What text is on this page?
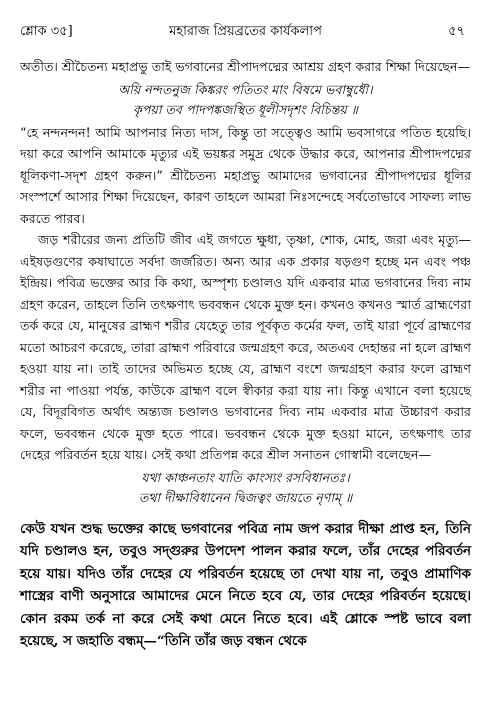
শ্লোক ৩৫]	মহারাজ প্রিয়ব্রতের কার্যকলাপ	৫৭

অতীত। শ্রীচৈতন্য মহাপ্রভু তাই ভগবানের শ্রীপাদপদ্মের আশ্রয় গ্রহণ করার শিক্ষা দিয়েছেন—

অয়ি নন্দতনুজ কিঙ্করং পতিতং মাং বিষমে ভবাম্বুধৌ।
কৃপয়া তব পাদপঙ্কজস্থিত ধূলীসদৃশং বিচিন্তয় ॥

“হে নন্দনন্দন! আমি আপনার নিত্য দাস, কিন্তু তা সত্ত্বেও আমি ভবসাগরে পতিত হয়েছি। দয়া করে আপনি আমাকে মৃত্যুর এই ভয়ঙ্কর সমুদ্র থেকে উদ্ধার করে, আপনার শ্রীপাদপদ্মের ধূলিকণা-সদৃশ গ্রহণ করুন।” শ্রীচৈতন্য মহাপ্রভু আমাদের ভগবানের শ্রীপাদপদ্মের ধূলির সংস্পর্শে আসার শিক্ষা দিয়েছেন, কারণ তাহলে আমরা নিঃসন্দেহে সর্বতোভাবে সাফল্য লাভ করতে পারব।

জড় শরীরের জন্য প্রতিটি জীব এই জগতে ক্ষুধা, তৃষ্ণা, শোক, মোহ, জরা এবং মৃত্যু—এইষড়গুণের কষাঘাতে সর্বদা জর্জরিত। অন্য আর এক প্রকার ষড়গুণ হচ্ছে মন এবং পঞ্চ ইন্দ্রিয়। পবিত্র ভক্তের আর কি কথা, অস্পৃশ্য চণ্ডালও যদি একবার মাত্র ভগবানের দিব্য নাম গ্রহণ করেন, তাহলে তিনি তৎক্ষণাৎ ভববন্ধন থেকে মুক্ত হন। কখনও কখনও স্মার্ত ব্রাহ্মণেরা তর্ক করে যে, মানুষের ব্রাহ্মণ শরীর যেহেতু তার পূর্বকৃত কর্মের ফল, তাই যারা পূর্বে ব্রাহ্মণের মতো আচরণ করেছে, তারা ব্রাহ্মণ পরিবারে জন্মগ্রহণ করে, অতএব দেহান্তর না হলে ব্রাহ্মণ হওয়া যায় না। তাই তাদের অভিমত হচ্ছে যে, ব্রাহ্মণ বংশে জন্মগ্রহণ করার ফলে ব্রাহ্মণ শরীর না পাওয়া পর্যন্ত, কাউকে ব্রাহ্মণ বলে স্বীকার করা যায় না। কিন্তু এখানে বলা হয়েছে যে, বিদূরবিগত অর্থাৎ অন্ত্যজ চণ্ডালও ভগবানের দিব্য নাম একবার মাত্র উচ্চারণ করার ফলে, ভববন্ধন থেকে মুক্ত হতে পারে। ভববন্ধন থেকে মুক্ত হওয়া মানে, তৎক্ষণাৎ তার দেহের পরিবর্তন হয়ে যায়। সেই কথা প্রতিপন্ন করে শ্রীল সনাতন গোস্বামী বলেছেন—

যথা কাঞ্চনতাং যাতি কাংস্যং রসবিধানতঃ।
তথা দীক্ষাবিধানেন দ্বিজত্বং জায়তে নৃণাম্ ॥

কেউ যখন শুদ্ধ ভক্তের কাছে ভগবানের পবিত্র নাম জপ করার দীক্ষা প্রাপ্ত হন, তিনি যদি চণ্ডালও হন, তবুও সদ্গুরুর উপদেশ পালন করার ফলে, তাঁর দেহের পরিবর্তন হয়ে যায়। যদিও তাঁর দেহের যে পরিবর্তন হয়েছে তা দেখা যায় না, তবুও প্রামাণিক শাস্ত্রের বাণী অনুসারে আমাদের মেনে নিতে হবে যে, তার দেহের পরিবর্তন হয়েছে। কোন রকম তর্ক না করে সেই কথা মেনে নিতে হবে। এই শ্লোকে স্পষ্ট ভাবে বলা হয়েছে, স জহাতি বন্ধম্—“তিনি তাঁর জড় বন্ধন থেকে
